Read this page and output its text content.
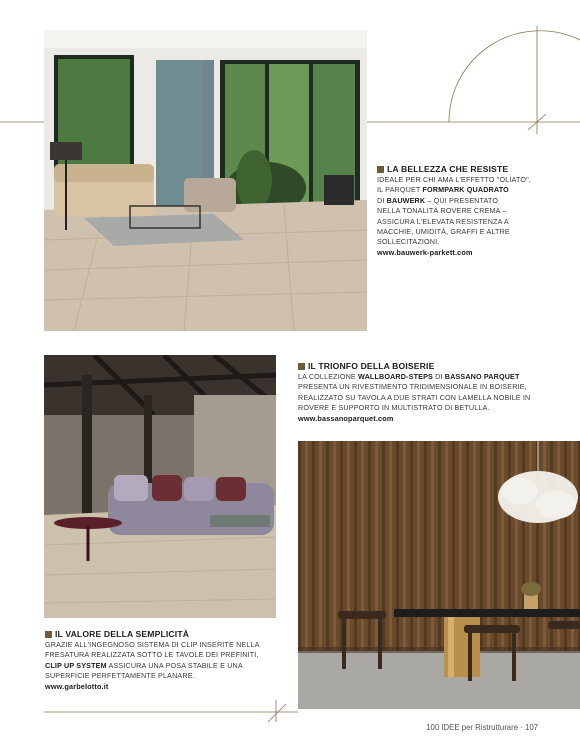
LA BELLEZZA CHE RESISTE
IDEALE PER CHI AMA L'EFFETTO "OLIATO",
IL PARQUET FORMPARK QUADRATO
DI BAUWERK – QUI PRESENTATO
NELLA TONALITÀ ROVERE CREMA –
ASSICURA L'ELEVATA RESISTENZA A
MACCHIE, UMIDITÀ, GRAFFI E ALTRE
SOLLECITAZIONI.
www.bauwerk-parkett.com
IL TRIONFO DELLA BOISERIE
LA COLLEZIONE WALLBOARD-STEPS DI BASSANO PARQUET
PRESENTA UN RIVESTIMENTO TRIDIMENSIONALE IN BOISERIE,
REALIZZATO SU TAVOLA A DUE STRATI CON LAMELLA NOBILE IN
ROVERE E SUPPORTO IN MULTISTRATO DI BETULLA.
www.bassanoparquet.com
IL VALORE DELLA SEMPLICITÀ
GRAZIE ALL'INGEGNOSO SISTEMA DI CLIP INSERITE NELLA
FRESATURA REALIZZATA SOTTO LE TAVOLE DEI PREFINITI,
CLIP UP SYSTEM ASSICURA UNA POSA STABILE E UNA
SUPERFICIE PERFETTAMENTE PLANARE.
www.garbelotto.it
100 IDEE per Ristrutturare · 107
